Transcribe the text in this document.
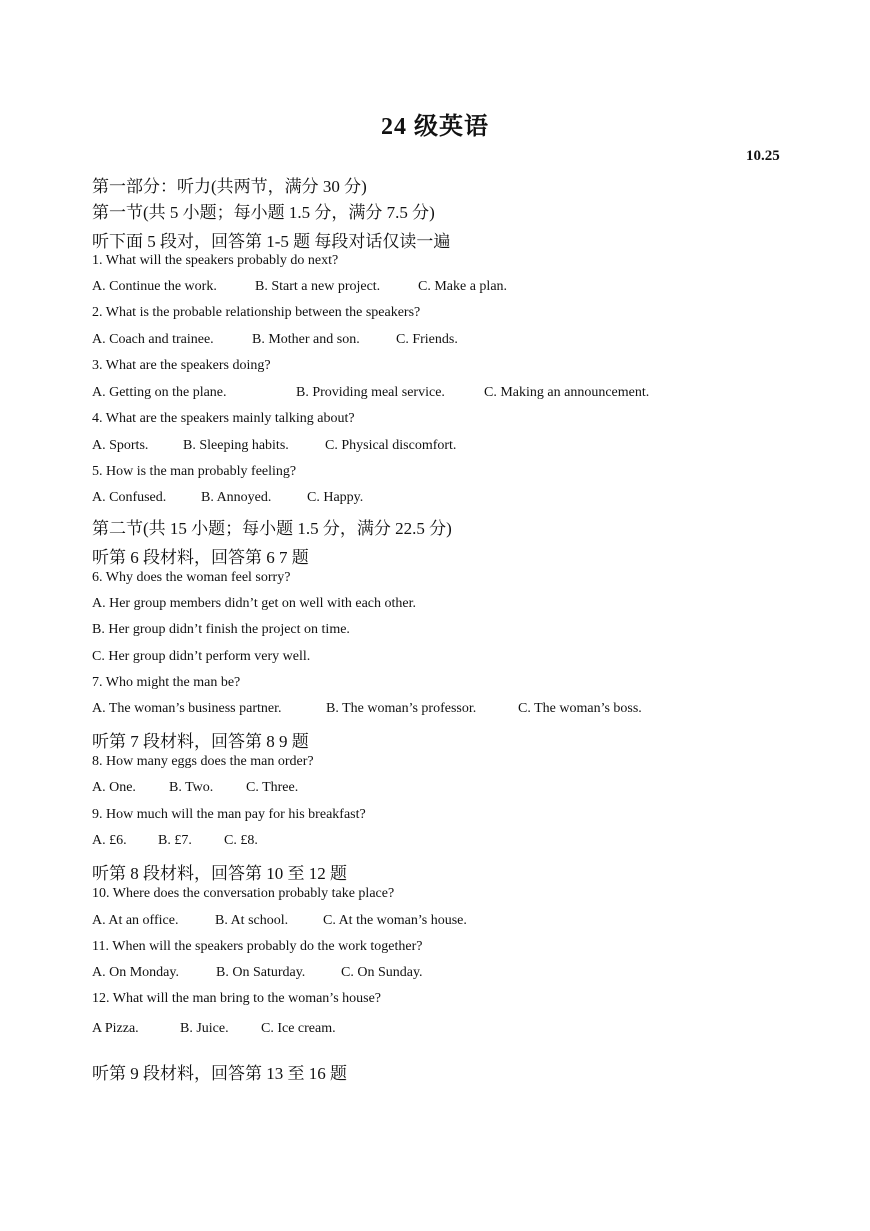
24 级英语
10.25
第一部分：听力(共两节，满分 30 分)
第一节(共 5 小题；每小题 1.5 分，满分 7.5 分)
听下面 5 段对，回答第 1-5 题 每段对话仅读一遍
1. What will the speakers probably do next?
A. Continue the work.	B. Start a new project.	C. Make a plan.
2. What is the probable relationship between the speakers?
A. Coach and trainee.	B. Mother and son.	C. Friends.
3. What are the speakers doing?
A. Getting on the plane.	B. Providing meal service.	C. Making an announcement.
4. What are the speakers mainly talking about?
A. Sports. B. Sleeping habits.	C. Physical discomfort.
5. How is the man probably feeling?
A. Confused. B. Annoyed.	C. Happy.
第二节(共 15 小题；每小题 1.5 分，满分 22.5 分)
听第 6 段材料，回答第 6 7 题
6. Why does the woman feel sorry?
A. Her group members didn’t get on well with each other.
B. Her group didn’t finish the project on time.
C. Her group didn’t perform very well.
7. Who might the man be?
A. The woman’s business partner.	B. The woman’s professor.	C. The woman’s boss.
听第 7 段材料，回答第 8 9 题
8. How many eggs does the man order?
A. One. B. Two. C. Three.
9. How much will the man pay for his breakfast?
A. £6. B. £7. C. £8.
听第 8 段材料，回答第 10 至 12 题
10. Where does the conversation probably take place?
A. At an office.	B. At school. C. At the woman’s house.
11. When will the speakers probably do the work together?
A. On Monday.	B. On Saturday.	C. On Sunday.
12. What will the man bring to the woman’s house?
A Pizza.	B. Juice. C. Ice cream.
听第 9 段材料，回答第 13 至 16 题
